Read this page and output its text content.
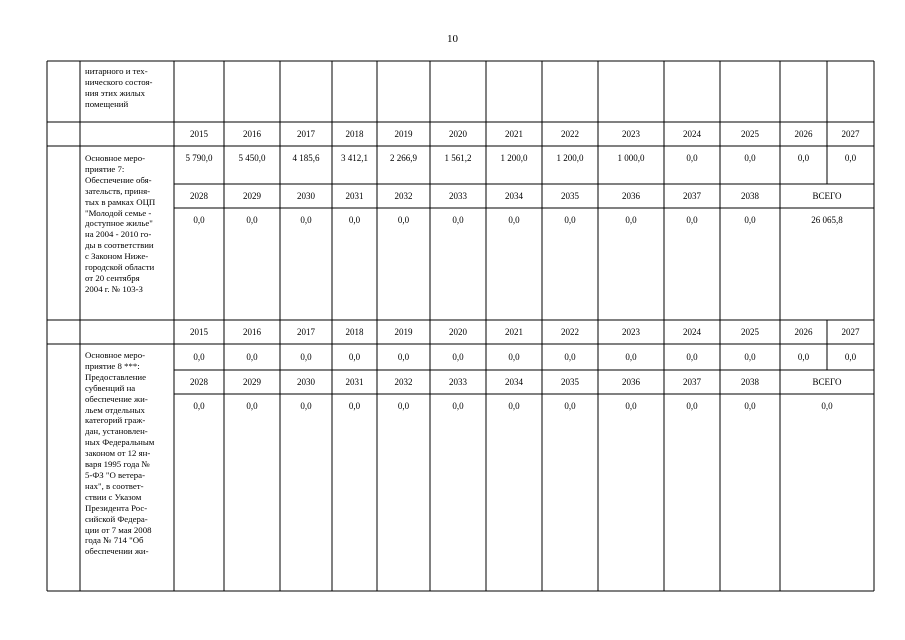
10
нитарного и тех-
нического состоя-
ния этих жилых
помещений
2015	2016	2017	2018	2019	2020	2021	2022	2023	2024	2025	2026	2027
Основное меро-
приятие 7:
Обеспечение обя-
зательств, приня-
тых в рамках ОЦП
"Молодой семье -
доступное жилье"
на 2004 - 2010 го-
ды в соответствии
с Законом Ниже-
городской области
от 20 сентября
2004 г. № 103-З
5 790,0	5 450,0	4 185,6	3 412,1	2 266,9	1 561,2	1 200,0	1 200,0	1 000,0	0,0	0,0	0,0	0,0
2028	2029	2030	2031	2032	2033	2034	2035	2036	2037	2038	ВСЕГО
0,0	0,0	0,0	0,0	0,0	0,0	0,0	0,0	0,0	0,0	0,0	26 065,8
2015	2016	2017	2018	2019	2020	2021	2022	2023	2024	2025	2026	2027
Основное меро-
приятие 8 ***:
Предоставление
субвенций на
обеспечение жи-
льем отдельных
категорий граж-
дан, установлен-
ных Федеральным
законом от 12 ян-
варя 1995 года №
5-ФЗ "О ветера-
нах", в соответ-
ствии с Указом
Президента Рос-
сийской Федера-
ции от 7 мая 2008
года № 714 "Об
обеспечении жи-
0,0	0,0	0,0	0,0	0,0	0,0	0,0	0,0	0,0	0,0	0,0	0,0	0,0
2028	2029	2030	2031	2032	2033	2034	2035	2036	2037	2038	ВСЕГО
0,0	0,0	0,0	0,0	0,0	0,0	0,0	0,0	0,0	0,0	0,0	0,0
